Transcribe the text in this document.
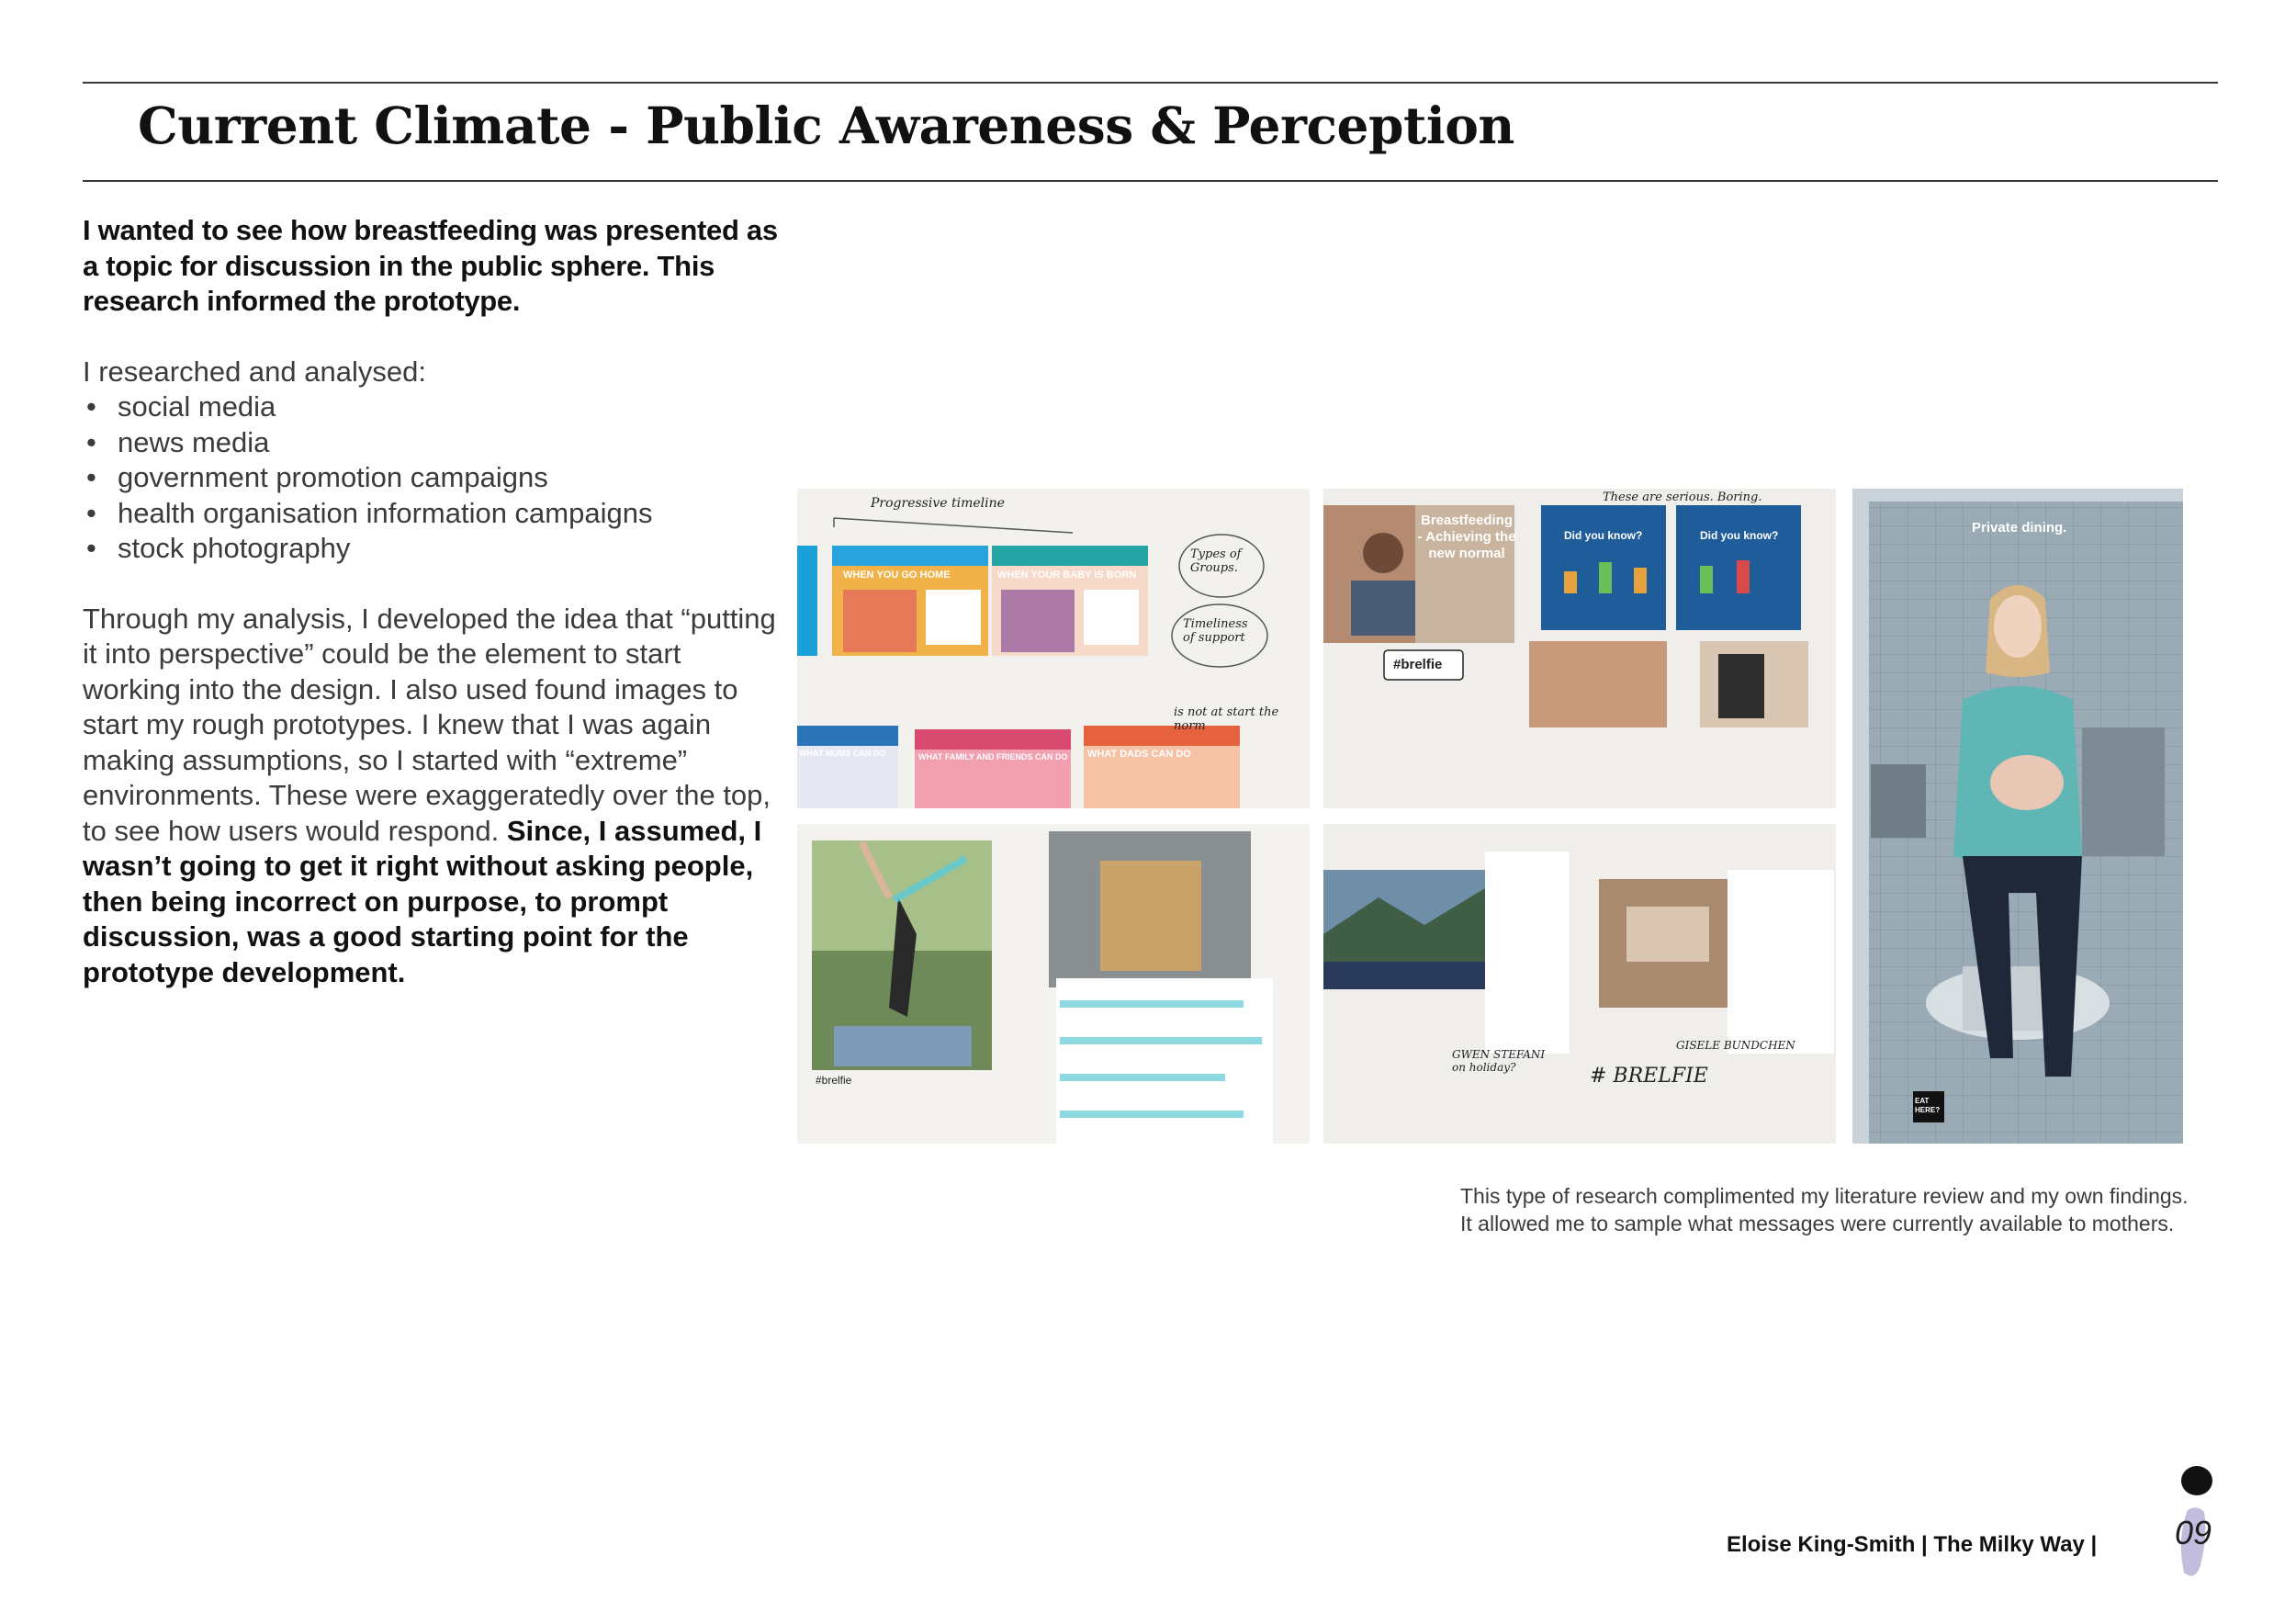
Current Climate - Public Awareness & Perception

I wanted to see how breastfeeding was presented as a topic for discussion in the public sphere. This research informed the prototype.

I researched and analysed:

• social media
• news media
• government promotion campaigns
• health organisation information campaigns
• stock photography

Through my analysis, I developed the idea that “putting it into perspective” could be the element to start working into the design. I also used found images to start my rough prototypes. I knew that I was again making assumptions, so I started with “extreme” environments. These were exaggeratedly over the top, to see how users would respond. Since, I assumed, I wasn’t going to get it right without asking people, then being incorrect on purpose, to prompt discussion, was a good starting point for the prototype development.

Progressive timeline
WHEN YOU GO HOME	WHEN YOUR BABY IS BORN
WHAT MUMS CAN DO	WHAT FAMILY AND FRIENDS CAN DO WHAT DADS CAN DO
Types of Groups.
Timeliness of support
is not at start the norm
Breastfeeding - Achieving the new normal
Did you know?	Did you know?
#brelfie
These are serious. Boring.
Private dining.
EAT HERE?
#brelfie	# BRELFIE
GWEN STEFANI on holiday?
GISELE BUNDCHEN

This type of research complimented my literature review and my own findings. It allowed me to sample what messages were currently available to mothers.

Eloise King-Smith | The Milky Way | 09
